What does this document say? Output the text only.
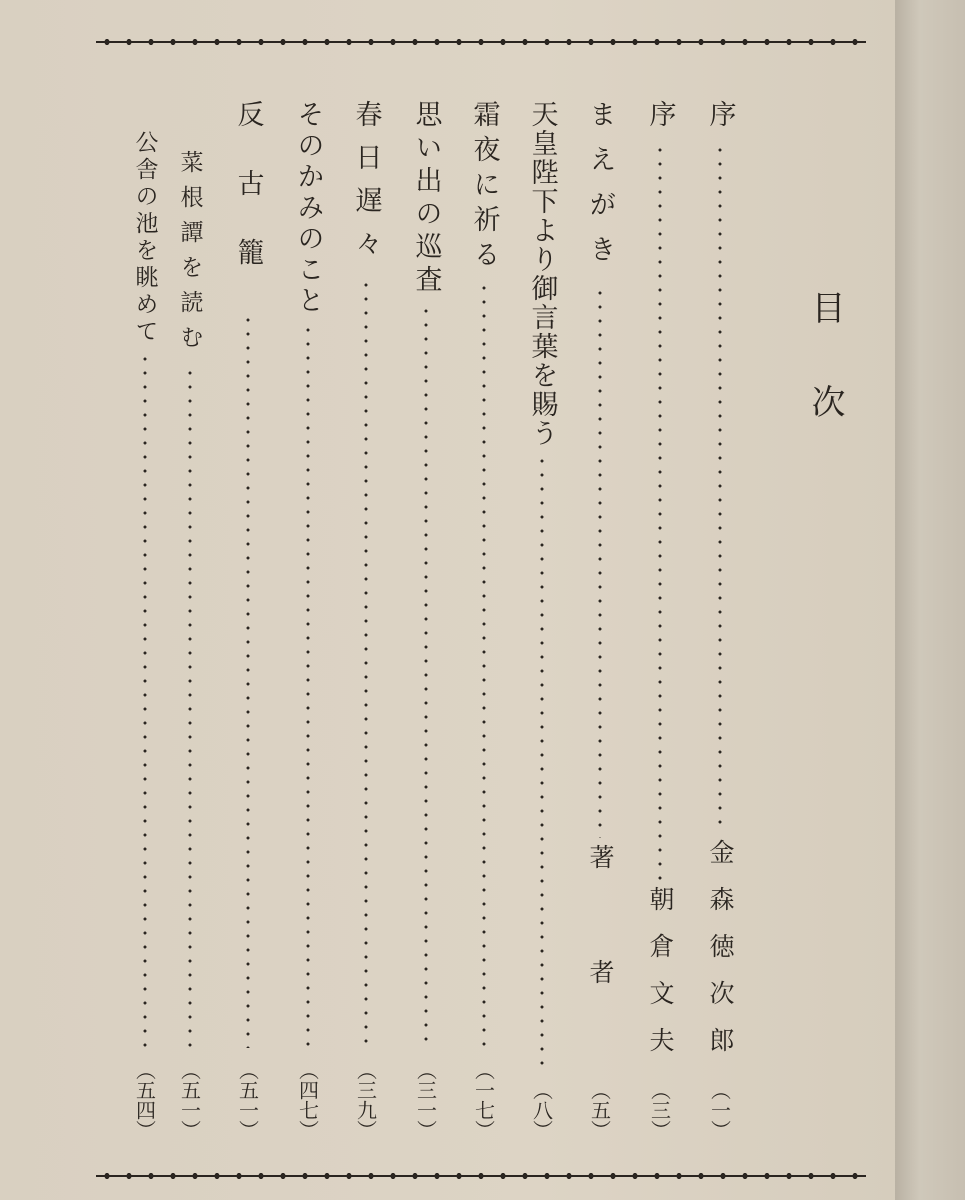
目次
序
金森徳次郎
（一）
序
朝倉文夫
（三）
まえがき
著者
（五）
天皇陛下より御言葉を賜う
（八）
霜夜に祈る
（一七）
思い出の巡査
（三一）
春日遅々
（三九）
そのかみのこと
（四七）
反古籠
（五一）
菜根譚を読む
（五一）
公舎の池を眺めて
（五四）
